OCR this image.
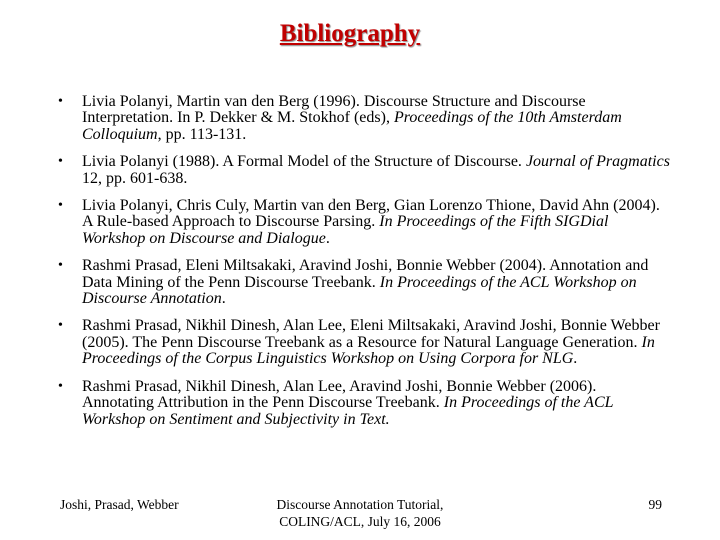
Bibliography
• Livia Polanyi, Martin van den Berg (1996). Discourse Structure and Discourse Interpretation. In P. Dekker & M. Stokhof (eds), Proceedings of the 10th Amsterdam Colloquium, pp. 113-131.
• Livia Polanyi (1988). A Formal Model of the Structure of Discourse. Journal of Pragmatics 12, pp. 601-638.
• Livia Polanyi, Chris Culy, Martin van den Berg, Gian Lorenzo Thione, David Ahn (2004). A Rule-based Approach to Discourse Parsing. In Proceedings of the Fifth SIGDial Workshop on Discourse and Dialogue.
• Rashmi Prasad, Eleni Miltsakaki, Aravind Joshi, Bonnie Webber (2004). Annotation and Data Mining of the Penn Discourse Treebank. In Proceedings of the ACL Workshop on Discourse Annotation.
• Rashmi Prasad, Nikhil Dinesh, Alan Lee, Eleni Miltsakaki, Aravind Joshi, Bonnie Webber (2005). The Penn Discourse Treebank as a Resource for Natural Language Generation. In Proceedings of the Corpus Linguistics Workshop on Using Corpora for NLG.
• Rashmi Prasad, Nikhil Dinesh, Alan Lee, Aravind Joshi, Bonnie Webber (2006). Annotating Attribution in the Penn Discourse Treebank. In Proceedings of the ACL Workshop on Sentiment and Subjectivity in Text.
Joshi, Prasad, Webber	Discourse Annotation Tutorial,
COLING/ACL, July 16, 2006
99
